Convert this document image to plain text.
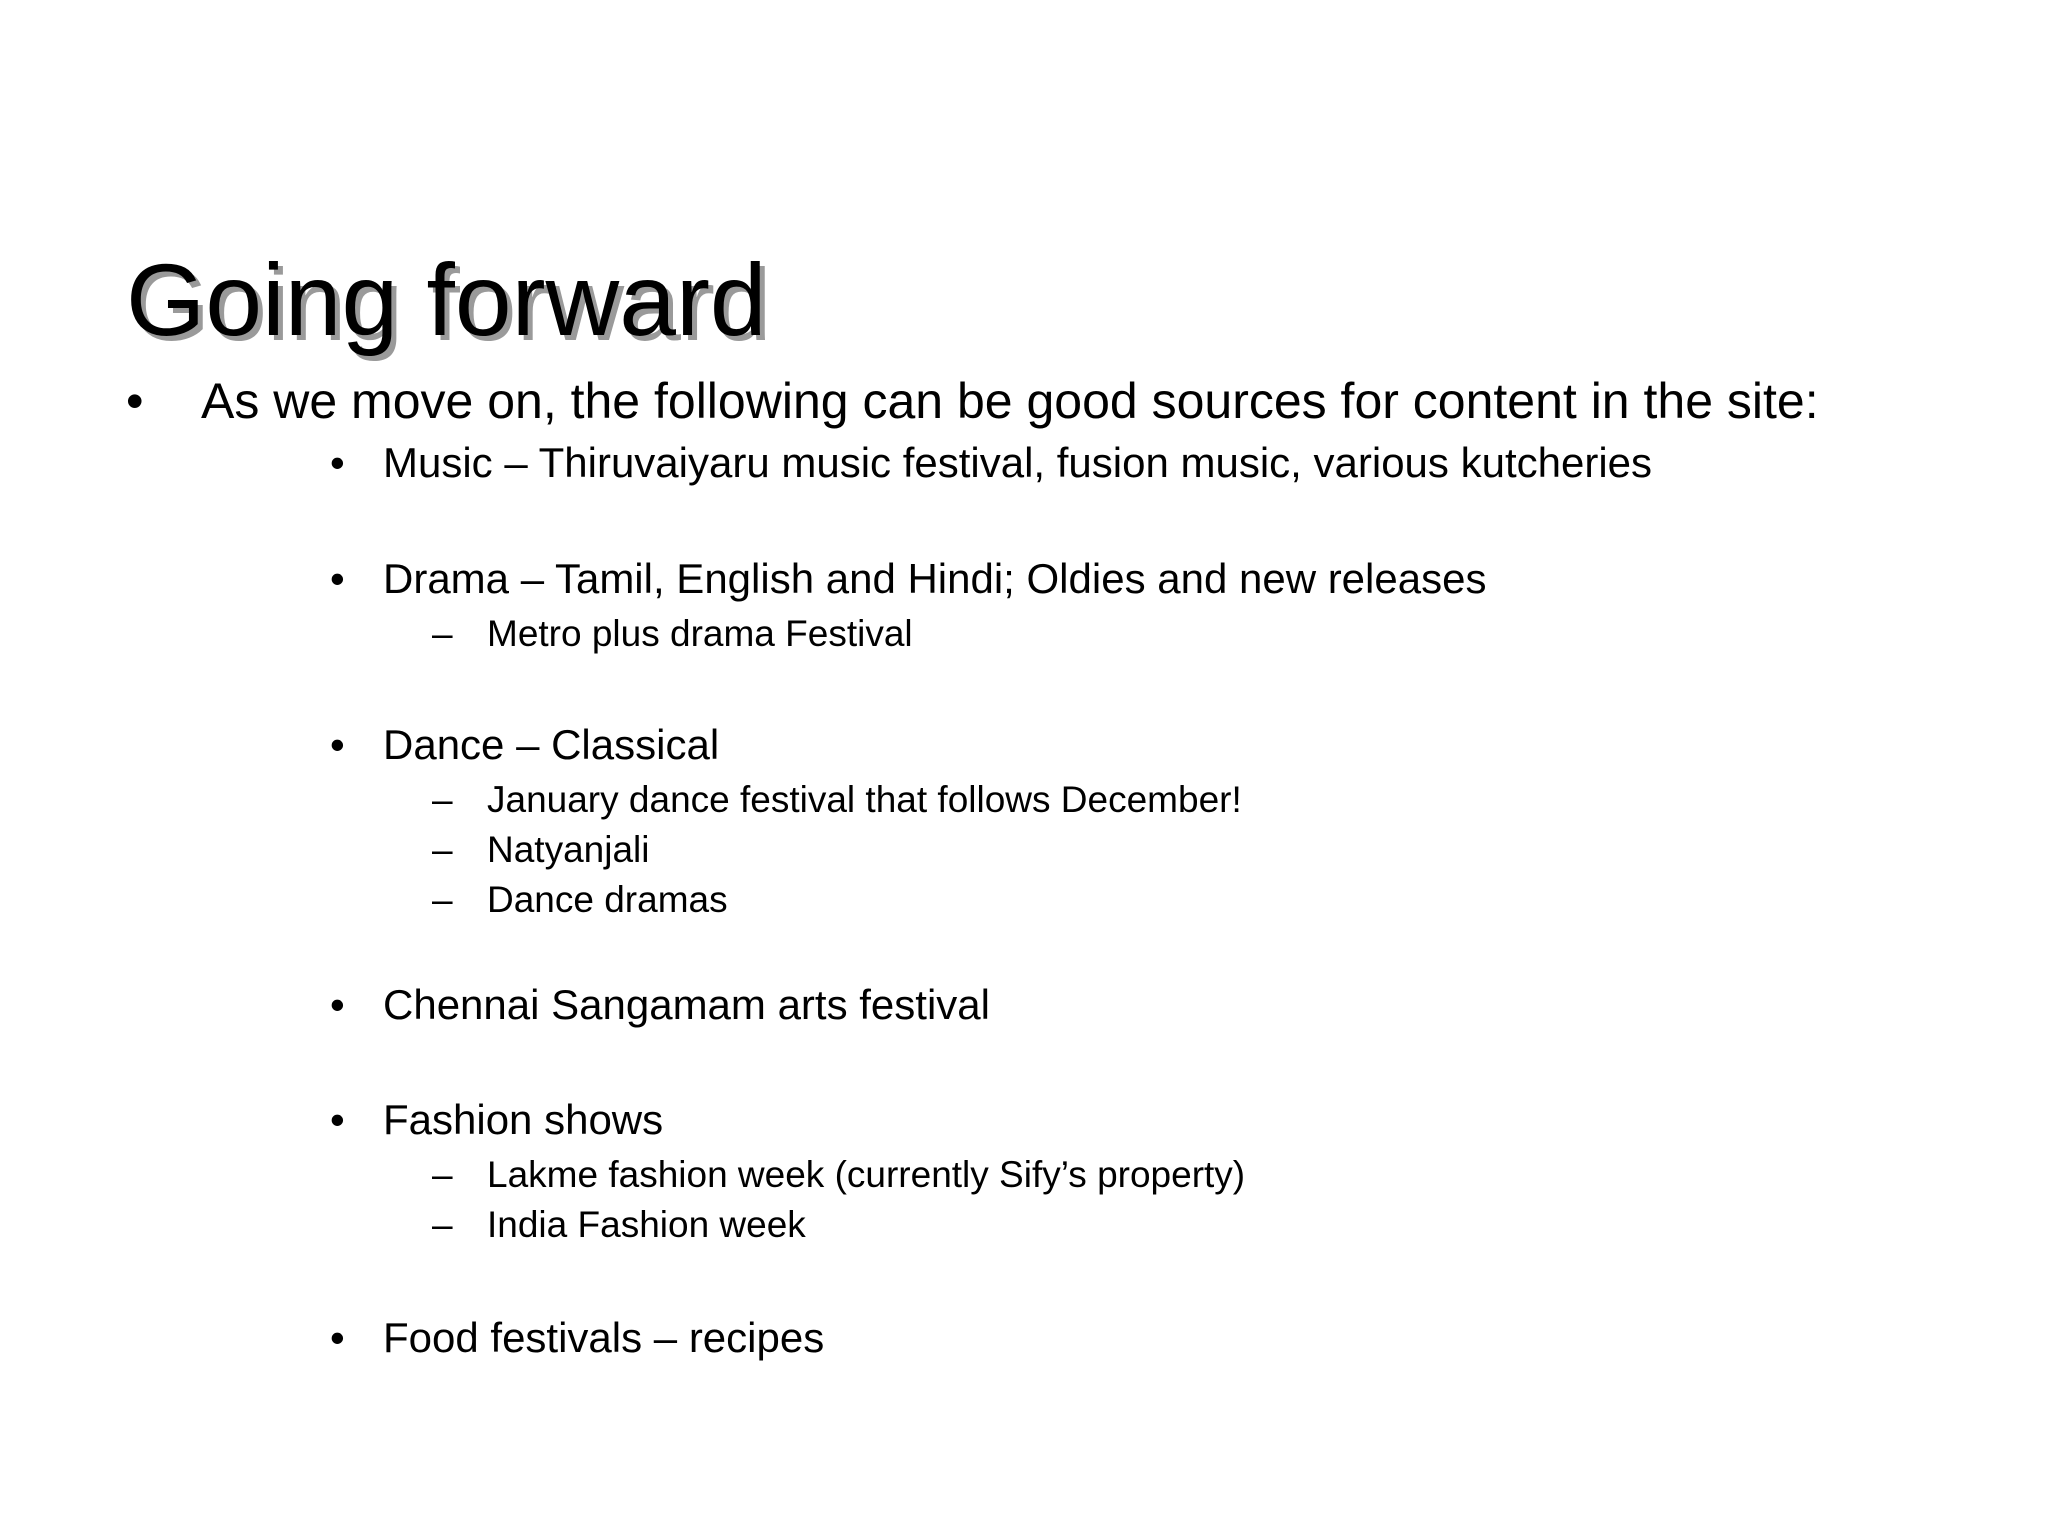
Going forward
• As we move on, the following can be good sources for content in the site:
• Music – Thiruvaiyaru music festival, fusion music, various kutcheries
• Drama – Tamil, English and Hindi; Oldies and new releases
– Metro plus drama Festival
• Dance – Classical
– January dance festival that follows December!
– Natyanjali
– Dance dramas
• Chennai Sangamam arts festival
• Fashion shows
– Lakme fashion week (currently Sify’s property)
– India Fashion week
• Food festivals – recipes
